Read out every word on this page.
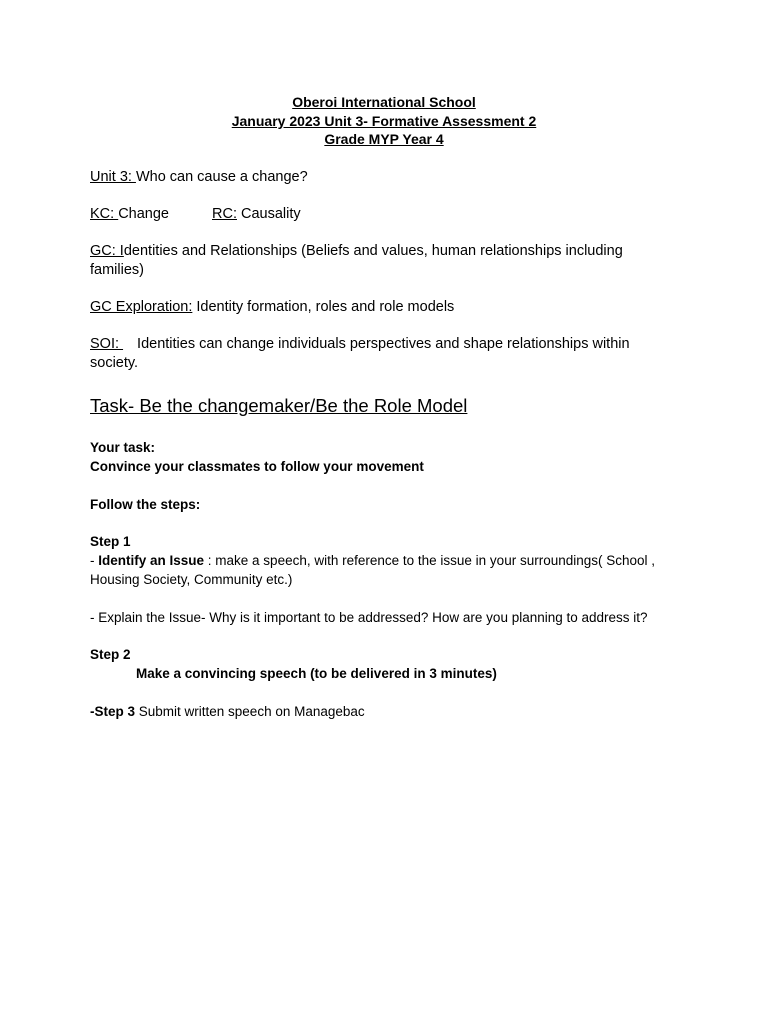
Oberoi International School
January 2023 Unit 3- Formative Assessment 2
Grade MYP Year 4
Unit 3: Who can cause a change?
KC: Change	RC: Causality
GC: Identities and Relationships (Beliefs and values, human relationships including
families)
GC Exploration: Identity formation, roles and role models
SOI: Identities can change individuals perspectives and shape relationships within
society.
Task- Be the changemaker/Be the Role Model
Your task:
Convince your classmates to follow your movement
Follow the steps:
Step 1
- Identify an Issue : make a speech, with reference to the issue in your surroundings( School ,
Housing Society, Community etc.)
- Explain the Issue- Why is it important to be addressed? How are you planning to address it?
Step 2
Make a convincing speech (to be delivered in 3 minutes)
-Step 3 Submit written speech on Managebac
